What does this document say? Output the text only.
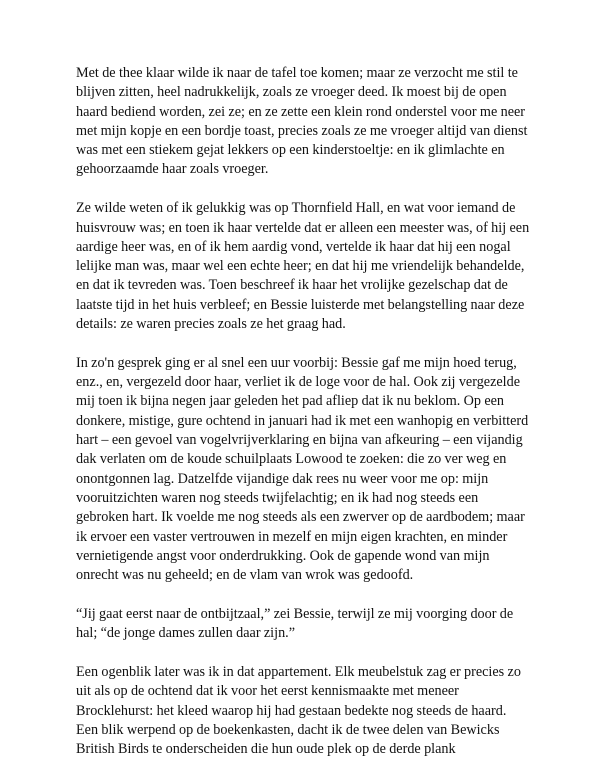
Met de thee klaar wilde ik naar de tafel toe komen; maar ze verzocht me stil te blijven zitten, heel nadrukkelijk, zoals ze vroeger deed. Ik moest bij de open haard bediend worden, zei ze; en ze zette een klein rond onderstel voor me neer met mijn kopje en een bordje toast, precies zoals ze me vroeger altijd van dienst was met een stiekem gejat lekkers op een kinderstoeltje: en ik glimlachte en gehoorzaamde haar zoals vroeger.

Ze wilde weten of ik gelukkig was op Thornfield Hall, en wat voor iemand de huisvrouw was; en toen ik haar vertelde dat er alleen een meester was, of hij een aardige heer was, en of ik hem aardig vond, vertelde ik haar dat hij een nogal lelijke man was, maar wel een echte heer; en dat hij me vriendelijk behandelde, en dat ik tevreden was. Toen beschreef ik haar het vrolijke gezelschap dat de laatste tijd in het huis verbleef; en Bessie luisterde met belangstelling naar deze details: ze waren precies zoals ze het graag had.

In zo'n gesprek ging er al snel een uur voorbij: Bessie gaf me mijn hoed terug, enz., en, vergezeld door haar, verliet ik de loge voor de hal. Ook zij vergezelde mij toen ik bijna negen jaar geleden het pad afliep dat ik nu beklom. Op een donkere, mistige, gure ochtend in januari had ik met een wanhopig en verbitterd hart – een gevoel van vogelvrijverklaring en bijna van afkeuring – een vijandig dak verlaten om de koude schuilplaats Lowood te zoeken: die zo ver weg en onontgonnen lag. Datzelfde vijandige dak rees nu weer voor me op: mijn vooruitzichten waren nog steeds twijfelachtig; en ik had nog steeds een gebroken hart. Ik voelde me nog steeds als een zwerver op de aardbodem; maar ik ervoer een vaster vertrouwen in mezelf en mijn eigen krachten, en minder vernietigende angst voor onderdrukking. Ook de gapende wond van mijn onrecht was nu geheeld; en de vlam van wrok was gedoofd.

“Jij gaat eerst naar de ontbijtzaal,” zei Bessie, terwijl ze mij voorging door de hal; “de jonge dames zullen daar zijn.”

Een ogenblik later was ik in dat appartement. Elk meubelstuk zag er precies zo uit als op de ochtend dat ik voor het eerst kennismaakte met meneer Brocklehurst: het kleed waarop hij had gestaan bedekte nog steeds de haard. Een blik werpend op de boekenkasten, dacht ik de twee delen van Bewicks British Birds te onderscheiden die hun oude plek op de derde plank
